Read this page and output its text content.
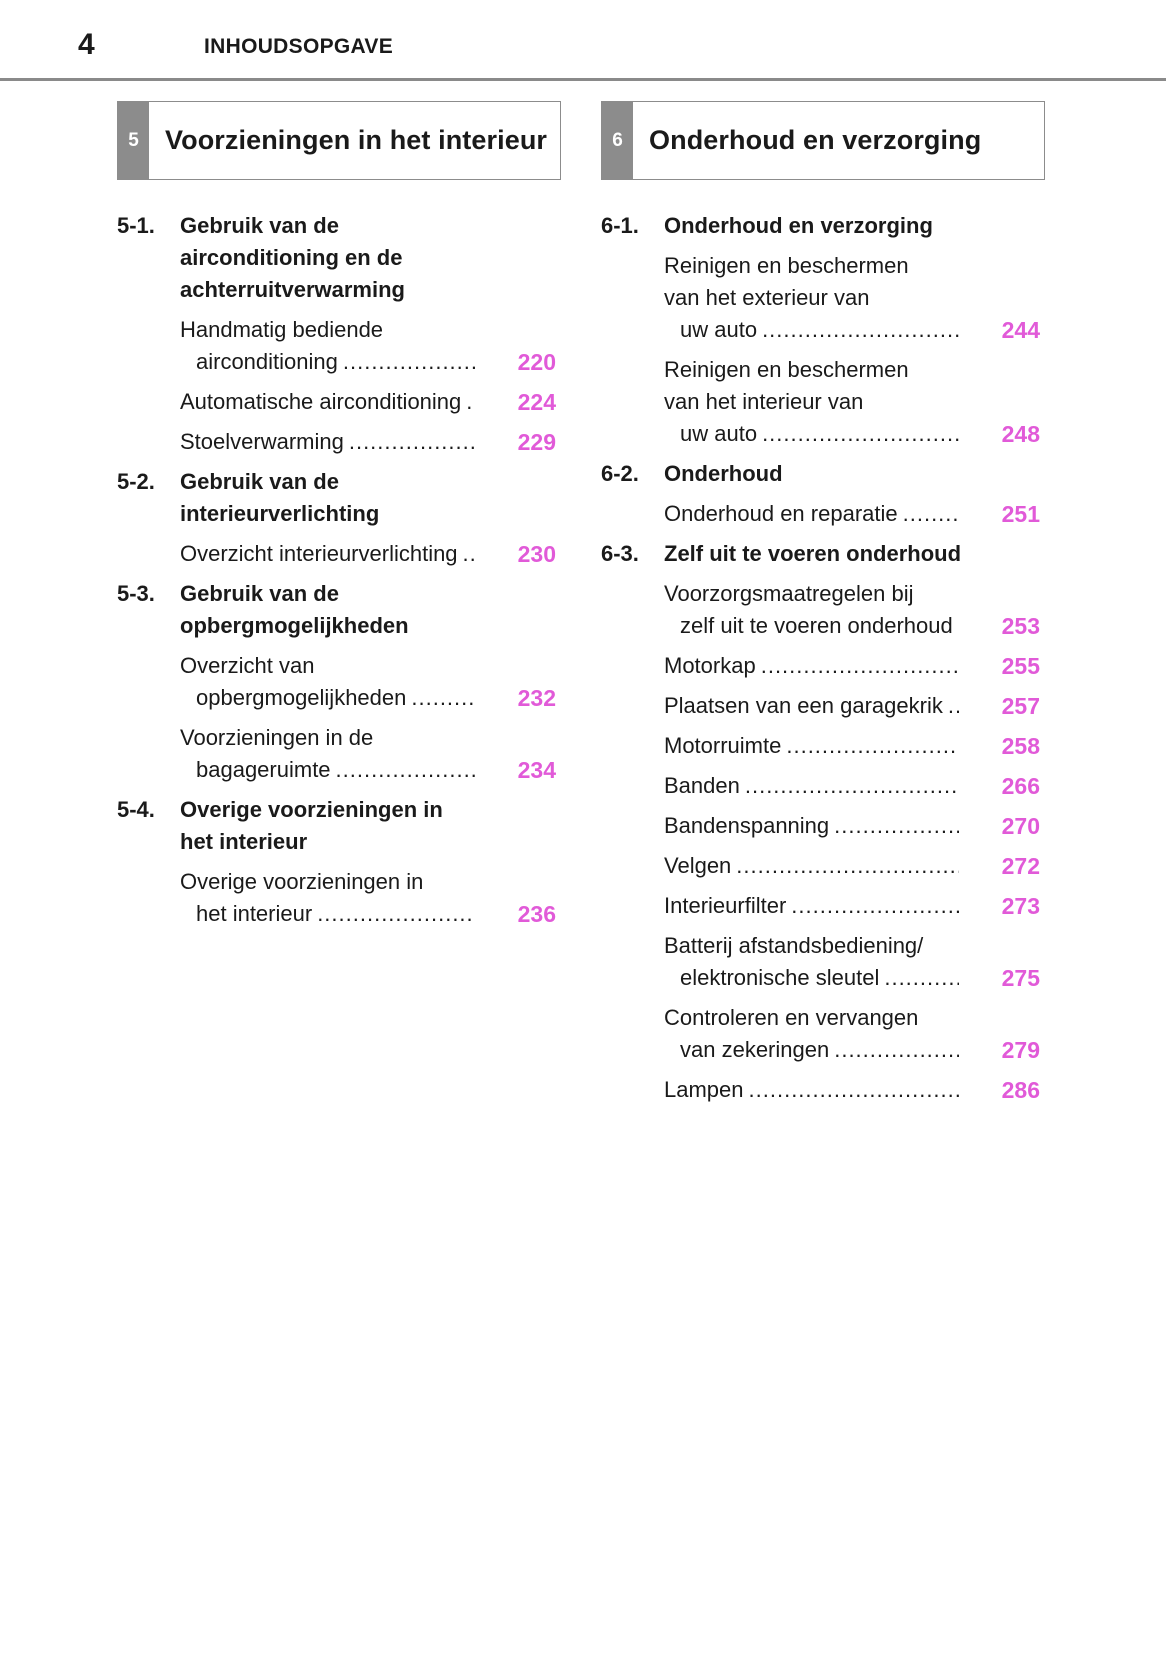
4	INHOUDSOPGAVE
5 Voorzieningen in het interieur
5-1. Gebruik van de
airconditioning en de
achterruitverwarming
Handmatig bediende
airconditioning .....	220
Automatische airconditioning ..... 224
Stoelverwarming .....	229
5-2. Gebruik van de
interieurverlichting
Overzicht interieurverlichting .....	230
5-3. Gebruik van de
opbergmogelijkheden
Overzicht van
opbergmogelijkheden .....	232
Voorzieningen in de
bagageruimte .....	234
5-4. Overige voorzieningen in
het interieur
Overige voorzieningen in
het interieur .....	236
6 Onderhoud en verzorging
6-1. Onderhoud en verzorging
Reinigen en beschermen
van het exterieur van
uw auto .....	244
Reinigen en beschermen
van het interieur van
uw auto .....	248
6-2. Onderhoud
Onderhoud en reparatie .....	251
6-3. Zelf uit te voeren onderhoud
Voorzorgsmaatregelen bij
zelf uit te voeren onderhoud ..... 253
Motorkap .....	255
Plaatsen van een garagekrik .....	257
Motorruimte .....	258
Banden .....	266
Bandenspanning .....	270
Velgen .....	272
Interieurfilter .....	273
Batterij afstandsbediening/
elektronische sleutel .....	275
Controleren en vervangen
van zekeringen .....	279
Lampen .....	286
